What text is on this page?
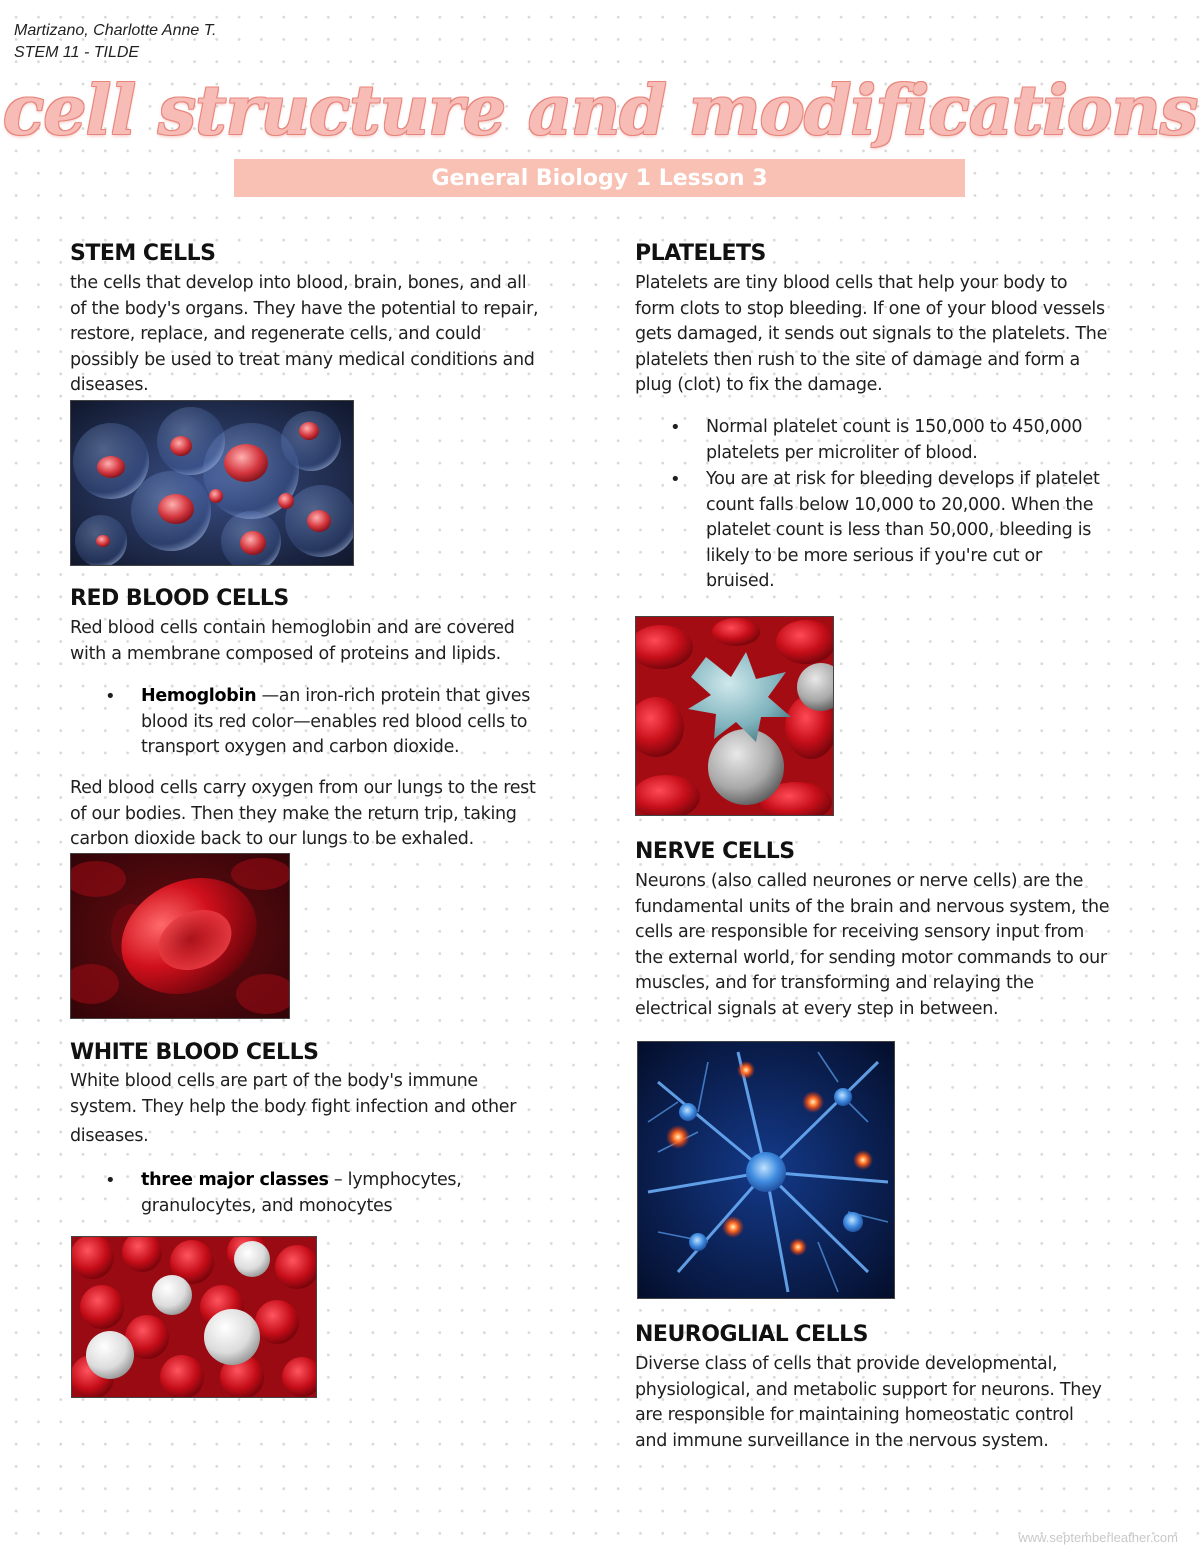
Martizano, Charlotte Anne T.
STEM 11 - TILDE
cell structure and modifications
General Biology 1 Lesson 3
STEM CELLS
the cells that develop into blood, brain, bones, and all
of the body's organs. They have the potential to repair,
restore, replace, and regenerate cells, and could
possibly be used to treat many medical conditions and
diseases.
RED BLOOD CELLS
Red blood cells contain hemoglobin and are covered
with a membrane composed of proteins and lipids.
• Hemoglobin —an iron-rich protein that gives
blood its red color—enables red blood cells to
transport oxygen and carbon dioxide.
Red blood cells carry oxygen from our lungs to the rest
of our bodies. Then they make the return trip, taking
carbon dioxide back to our lungs to be exhaled.
WHITE BLOOD CELLS
White blood cells are part of the body's immune
system. They help the body fight infection and other
diseases.
• three major classes – lymphocytes,
granulocytes, and monocytes
PLATELETS
Platelets are tiny blood cells that help your body to
form clots to stop bleeding. If one of your blood vessels
gets damaged, it sends out signals to the platelets. The
platelets then rush to the site of damage and form a
plug (clot) to fix the damage.
• Normal platelet count is 150,000 to 450,000
platelets per microliter of blood.
• You are at risk for bleeding develops if platelet
count falls below 10,000 to 20,000. When the
platelet count is less than 50,000, bleeding is
likely to be more serious if you're cut or
bruised.
NERVE CELLS
Neurons (also called neurones or nerve cells) are the
fundamental units of the brain and nervous system, the
cells are responsible for receiving sensory input from
the external world, for sending motor commands to our
muscles, and for transforming and relaying the
electrical signals at every step in between.
NEUROGLIAL CELLS
Diverse class of cells that provide developmental,
physiological, and metabolic support for neurons. They
are responsible for maintaining homeostatic control
and immune surveillance in the nervous system.
www.septemberleather.com
